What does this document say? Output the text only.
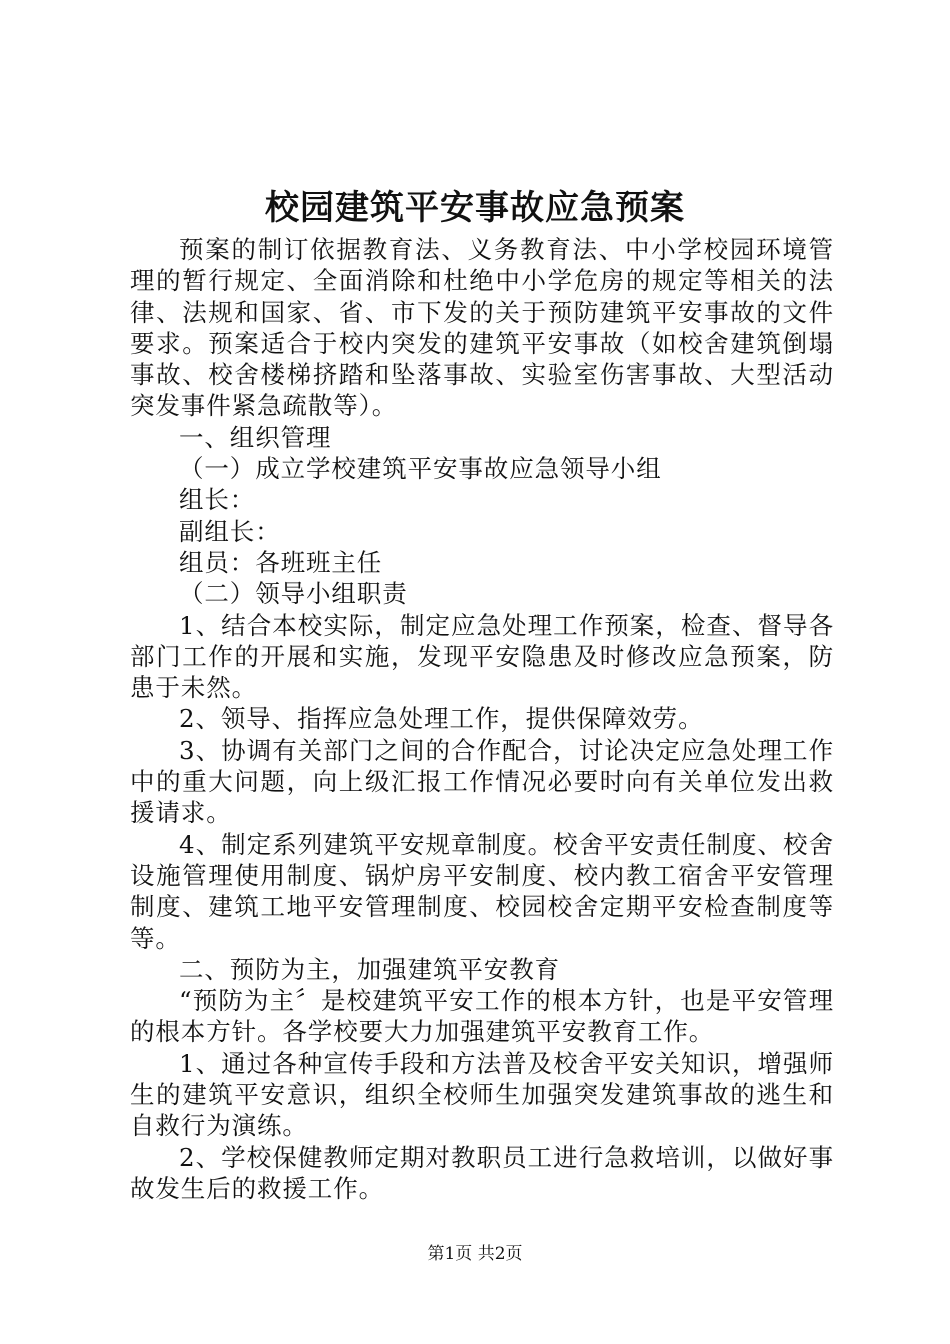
校园建筑平安事故应急预案

预案的制订依据教育法、义务教育法、中小学校园环境管理的暂行规定、全面消除和杜绝中小学危房的规定等相关的法律、法规和国家、省、市下发的关于预防建筑平安事故的文件要求。预案适合于校内突发的建筑平安事故（如校舍建筑倒塌事故、校舍楼梯挤踏和坠落事故、实验室伤害事故、大型活动突发事件紧急疏散等）。

一、组织管理

（一）成立学校建筑平安事故应急领导小组

组长：

副组长：

组员：各班班主任

（二）领导小组职责

1、结合本校实际，制定应急处理工作预案，检查、督导各部门工作的开展和实施，发现平安隐患及时修改应急预案，防患于未然。

2、领导、指挥应急处理工作，提供保障效劳。

3、协调有关部门之间的合作配合，讨论决定应急处理工作中的重大问题，向上级汇报工作情况必要时向有关单位发出救援请求。

4、制定系列建筑平安规章制度。校舍平安责任制度、校舍设施管理使用制度、锅炉房平安制度、校内教工宿舍平安管理制度、建筑工地平安管理制度、校园校舍定期平安检查制度等等。

二、预防为主，加强建筑平安教育

“预防为主〞是校建筑平安工作的根本方针，也是平安管理的根本方针。各学校要大力加强建筑平安教育工作。

1、通过各种宣传手段和方法普及校舍平安关知识，增强师生的建筑平安意识，组织全校师生加强突发建筑事故的逃生和自救行为演练。

2、学校保健教师定期对教职员工进行急救培训，以做好事故发生后的救援工作。

第1页 共2页
